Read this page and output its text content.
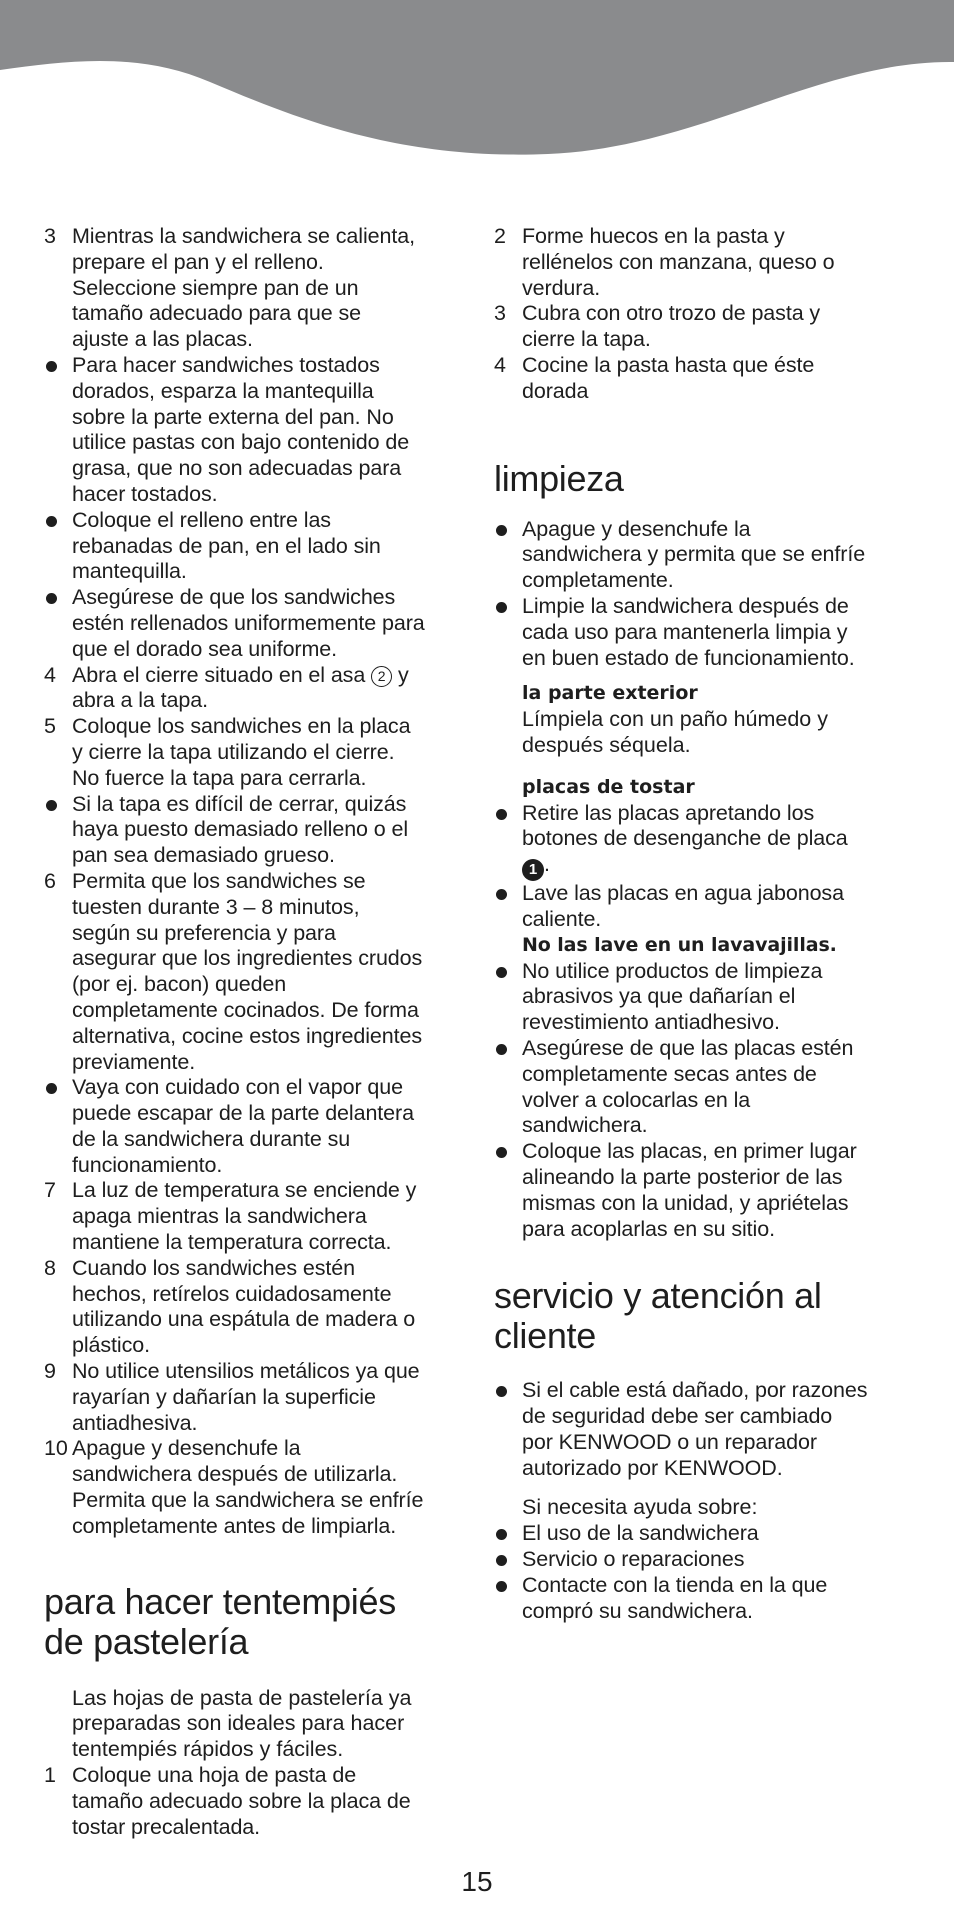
3 Mientras la sandwichera se calienta,
prepare el pan y el relleno.
Seleccione siempre pan de un
tamaño adecuado para que se
ajuste a las placas.
Para hacer sandwiches tostados
dorados, esparza la mantequilla
sobre la parte externa del pan. No
utilice pastas con bajo contenido de
grasa, que no son adecuadas para
hacer tostados.
Coloque el relleno entre las
rebanadas de pan, en el lado sin
mantequilla.
Asegúrese de que los sandwiches
estén rellenados uniformemente para
que el dorado sea uniforme.
4 Abra el cierre situado en el asa 2 y
abra a la tapa.
5 Coloque los sandwiches en la placa
y cierre la tapa utilizando el cierre.
No fuerce la tapa para cerrarla.
Si la tapa es difícil de cerrar, quizás
haya puesto demasiado relleno o el
pan sea demasiado grueso.
6 Permita que los sandwiches se
tuesten durante 3 – 8 minutos,
según su preferencia y para
asegurar que los ingredientes crudos
(por ej. bacon) queden
completamente cocinados. De forma
alternativa, cocine estos ingredientes
previamente.
Vaya con cuidado con el vapor que
puede escapar de la parte delantera
de la sandwichera durante su
funcionamiento.
7 La luz de temperatura se enciende y
apaga mientras la sandwichera
mantiene la temperatura correcta.
8 Cuando los sandwiches estén
hechos, retírelos cuidadosamente
utilizando una espátula de madera o
plástico.
9 No utilice utensilios metálicos ya que
rayarían y dañarían la superficie
antiadhesiva.
10 Apague y desenchufe la
sandwichera después de utilizarla.
Permita que la sandwichera se enfríe
completamente antes de limpiarla.
para hacer tentempiés
de pastelería
Las hojas de pasta de pastelería ya
preparadas son ideales para hacer
tentempiés rápidos y fáciles.
1 Coloque una hoja de pasta de
tamaño adecuado sobre la placa de
tostar precalentada.
2 Forme huecos en la pasta y
rellénelos con manzana, queso o
verdura.
3 Cubra con otro trozo de pasta y
cierre la tapa.
4 Cocine la pasta hasta que éste
dorada
limpieza
Apague y desenchufe la
sandwichera y permita que se enfríe
completamente.
Limpie la sandwichera después de
cada uso para mantenerla limpia y
en buen estado de funcionamiento.
la parte exterior
Límpiela con un paño húmedo y
después séquela.
placas de tostar
Retire las placas apretando los
botones de desenganche de placa
1 .
Lave las placas en agua jabonosa
caliente.
No las lave en un lavavajillas.
No utilice productos de limpieza
abrasivos ya que dañarían el
revestimiento antiadhesivo.
Asegúrese de que las placas estén
completamente secas antes de
volver a colocarlas en la
sandwichera.
Coloque las placas, en primer lugar
alineando la parte posterior de las
mismas con la unidad, y apriételas
para acoplarlas en su sitio.
servicio y atención al
cliente
Si el cable está dañado, por razones
de seguridad debe ser cambiado
por KENWOOD o un reparador
autorizado por KENWOOD.
Si necesita ayuda sobre:
El uso de la sandwichera
Servicio o reparaciones
Contacte con la tienda en la que
compró su sandwichera.
15
